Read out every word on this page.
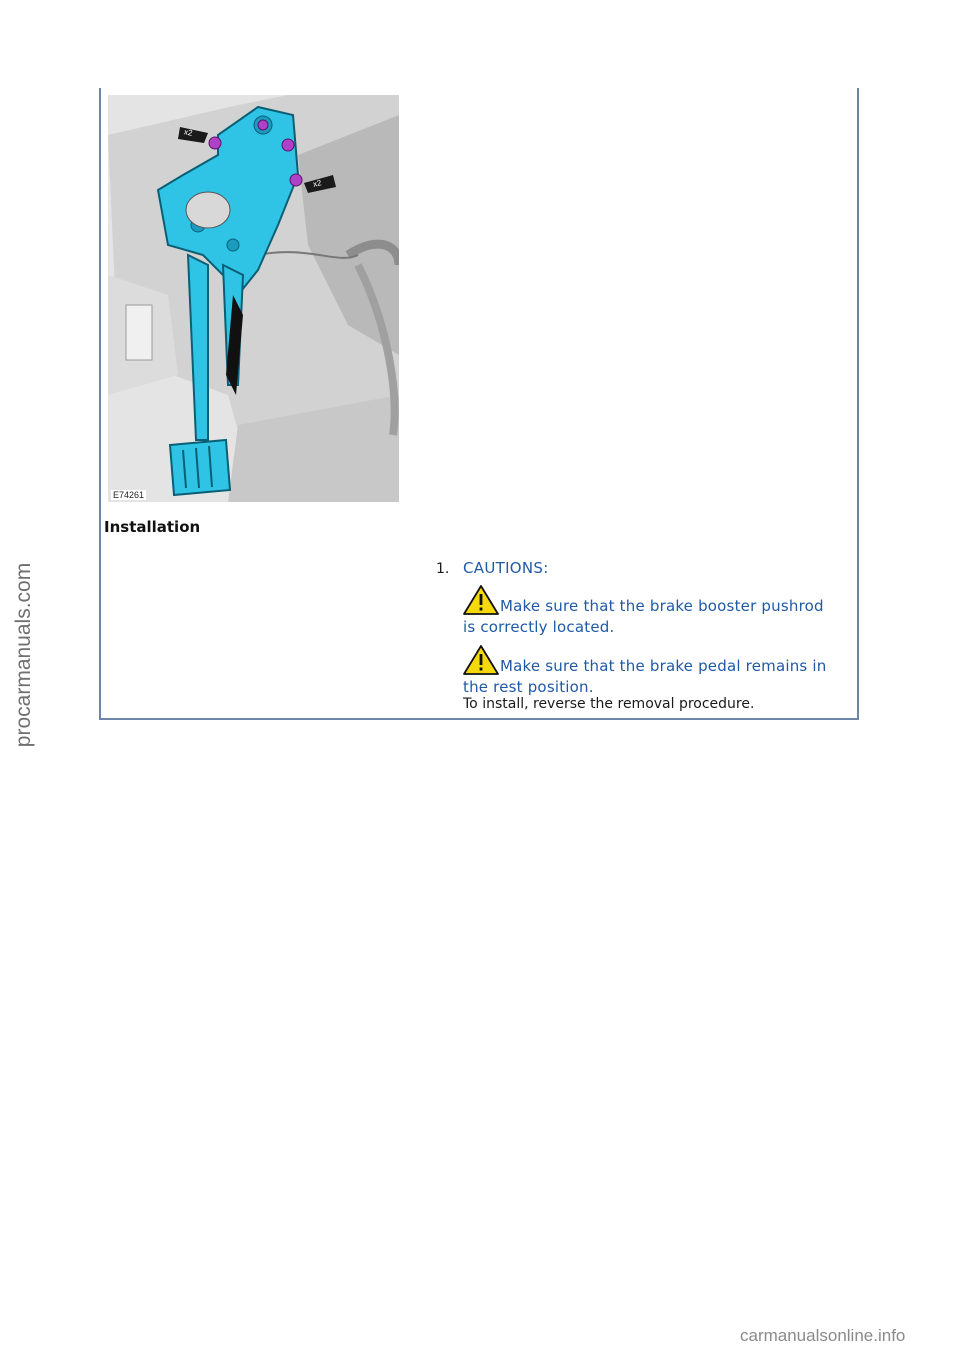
procarmanuals.com
x2
x2
E74261
Installation
1. CAUTIONS:
Make sure that the brake booster pushrod is correctly located.
Make sure that the brake pedal remains in the rest position.
To install, reverse the removal procedure.
carmanualsonline.info
